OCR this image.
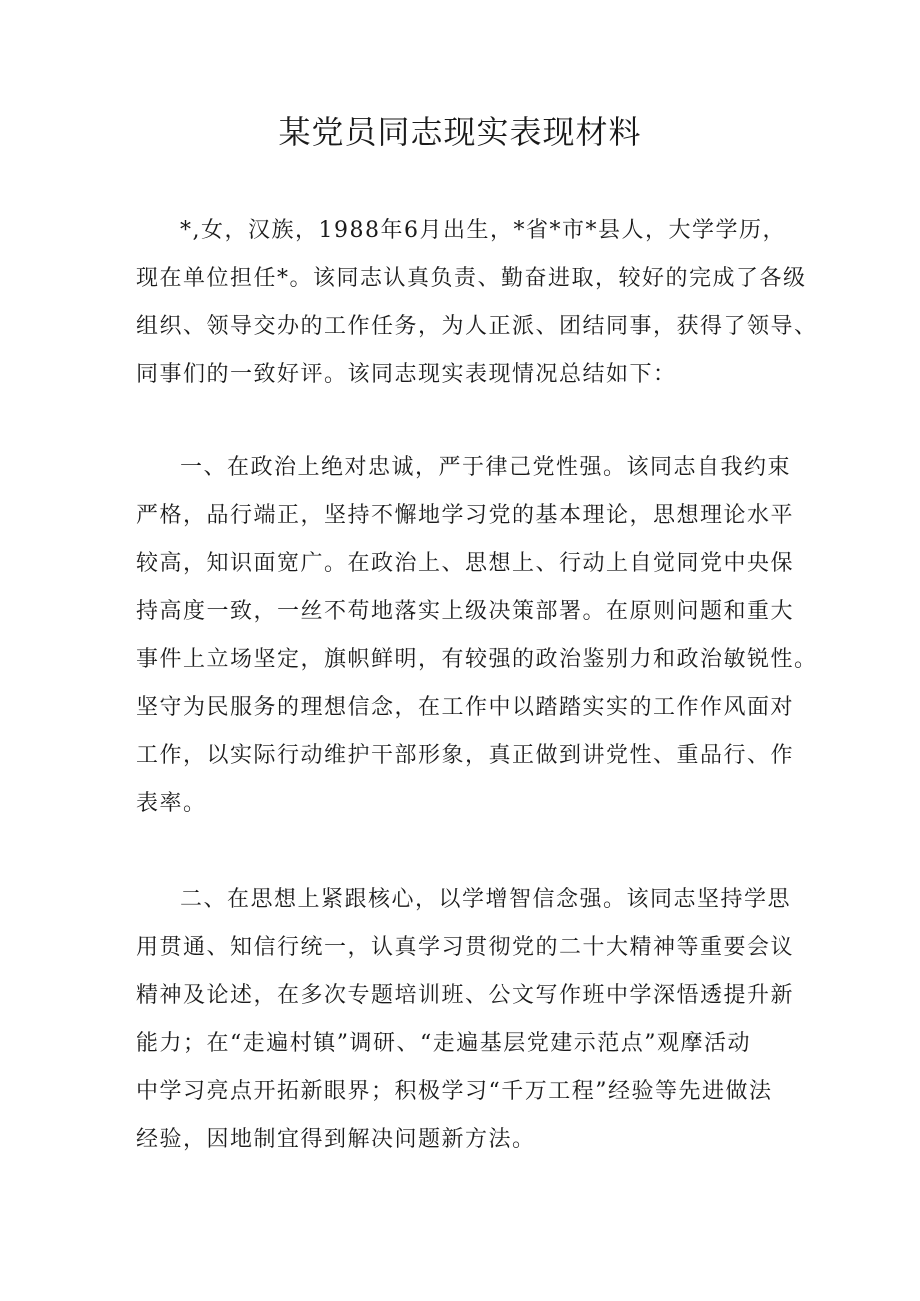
某党员同志现实表现材料
*,女，汉族，1988年6月出生，*省*市*县人，大学学历，
现在单位担任*。该同志认真负责、勤奋进取，较好的完成了各级
组织、领导交办的工作任务，为人正派、团结同事，获得了领导、
同事们的一致好评。该同志现实表现情况总结如下：
一、在政治上绝对忠诚，严于律己党性强。该同志自我约束
严格，品行端正，坚持不懈地学习党的基本理论，思想理论水平
较高，知识面宽广。在政治上、思想上、行动上自觉同党中央保
持高度一致，一丝不苟地落实上级决策部署。在原则问题和重大
事件上立场坚定，旗帜鲜明，有较强的政治鉴别力和政治敏锐性。
坚守为民服务的理想信念，在工作中以踏踏实实的工作作风面对
工作，以实际行动维护干部形象，真正做到讲党性、重品行、作
表率。
二、在思想上紧跟核心，以学增智信念强。该同志坚持学思
用贯通、知信行统一，认真学习贯彻党的二十大精神等重要会议
精神及论述，在多次专题培训班、公文写作班中学深悟透提升新
能力；在“走遍村镇”调研、“走遍基层党建示范点”观摩活动
中学习亮点开拓新眼界；积极学习“千万工程”经验等先进做法
经验，因地制宜得到解决问题新方法。
